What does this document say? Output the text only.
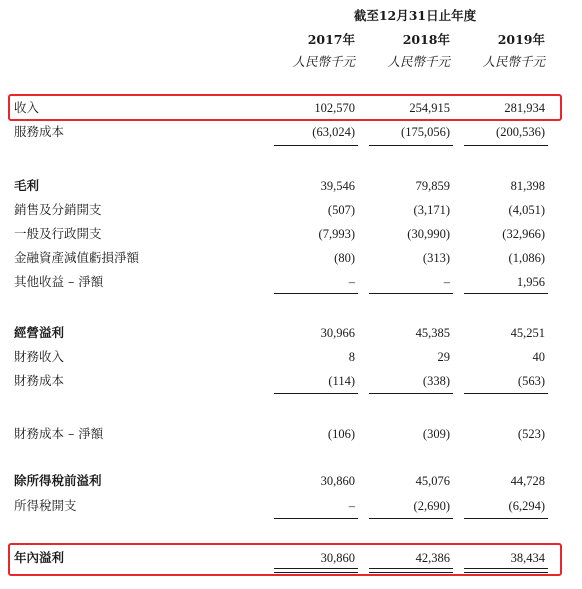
截至12月31日止年度
2017年	2018年	2019年
人民幣千元	人民幣千元	人民幣千元
收入	102,570	254,915	281,934
服務成本	(63,024)	(175,056)	(200,536)
毛利	39,546	79,859	81,398
銷售及分銷開支	(507)	(3,171)	(4,051)
一般及行政開支	(7,993)	(30,990)	(32,966)
金融資產減值虧損淨額	(80)	(313)	(1,086)
其他收益 – 淨額	–	–	1,956
經營溢利	30,966	45,385	45,251
財務收入	8	29	40
財務成本	(114)	(338)	(563)
財務成本 – 淨額	(106)	(309)	(523)
除所得稅前溢利	30,860	45,076	44,728
所得稅開支	–	(2,690)	(6,294)
年內溢利	30,860	42,386	38,434
